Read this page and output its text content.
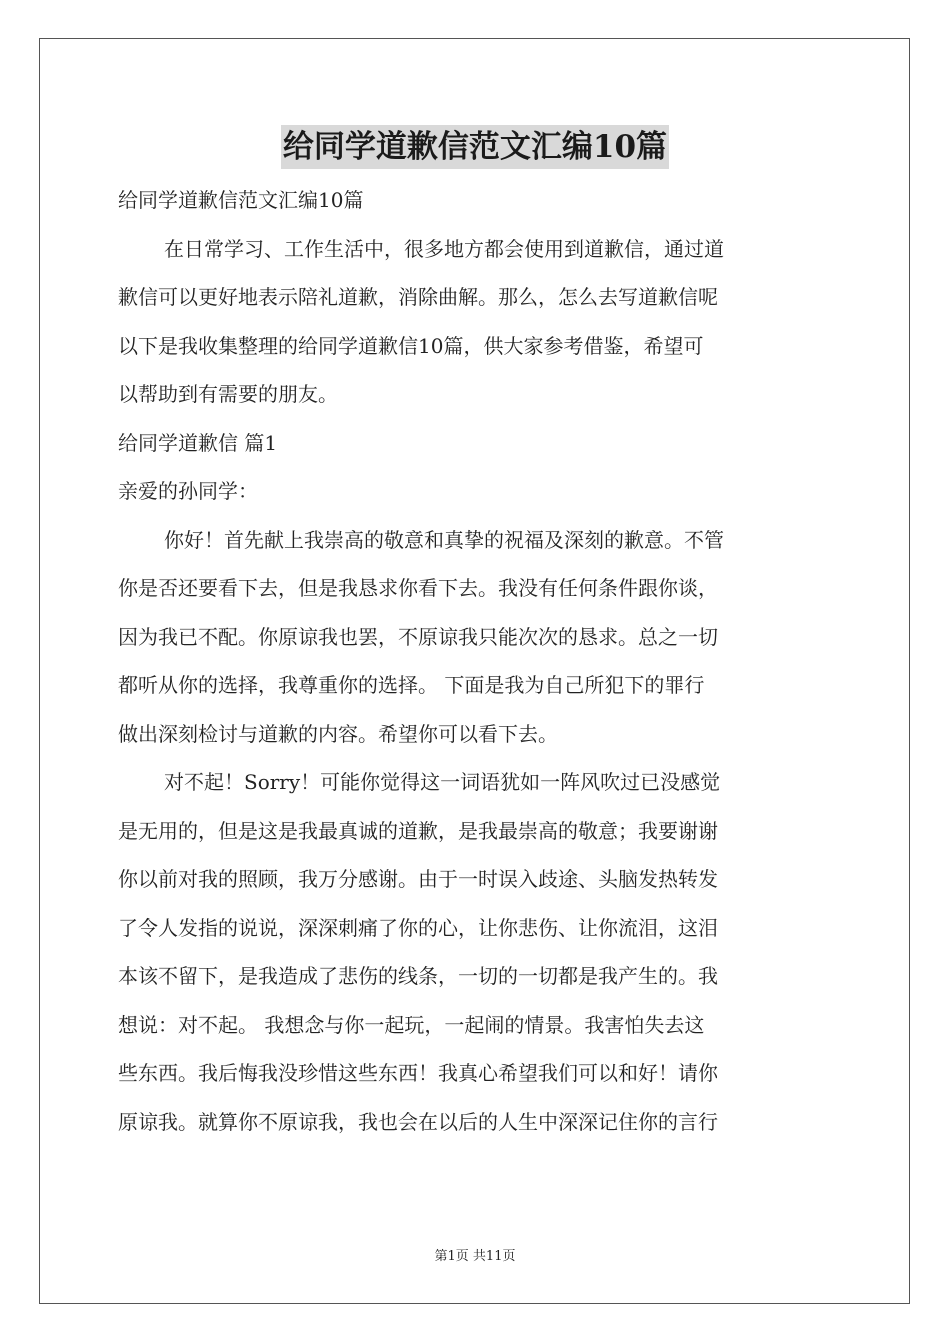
给同学道歉信范文汇编10篇
给同学道歉信范文汇编10篇
在日常学习、工作生活中，很多地方都会使用到道歉信，通过道
歉信可以更好地表示陪礼道歉，消除曲解。那么，怎么去写道歉信呢
以下是我收集整理的给同学道歉信10篇，供大家参考借鉴，希望可
以帮助到有需要的朋友。
给同学道歉信 篇1
亲爱的孙同学：
你好！首先献上我崇高的敬意和真挚的祝福及深刻的歉意。不管
你是否还要看下去，但是我恳求你看下去。我没有任何条件跟你谈，
因为我已不配。你原谅我也罢，不原谅我只能次次的恳求。总之一切
都听从你的选择，我尊重你的选择。 下面是我为自己所犯下的罪行
做出深刻检讨与道歉的内容。希望你可以看下去。
对不起！Sorry！可能你觉得这一词语犹如一阵风吹过已没感觉
是无用的，但是这是我最真诚的道歉，是我最崇高的敬意；我要谢谢
你以前对我的照顾，我万分感谢。由于一时误入歧途、头脑发热转发
了令人发指的说说，深深刺痛了你的心，让你悲伤、让你流泪，这泪
本该不留下，是我造成了悲伤的线条，一切的一切都是我产生的。我
想说：对不起。 我想念与你一起玩，一起闹的情景。我害怕失去这
些东西。我后悔我没珍惜这些东西！我真心希望我们可以和好！请你
原谅我。就算你不原谅我，我也会在以后的人生中深深记住你的言行
第1页 共11页
